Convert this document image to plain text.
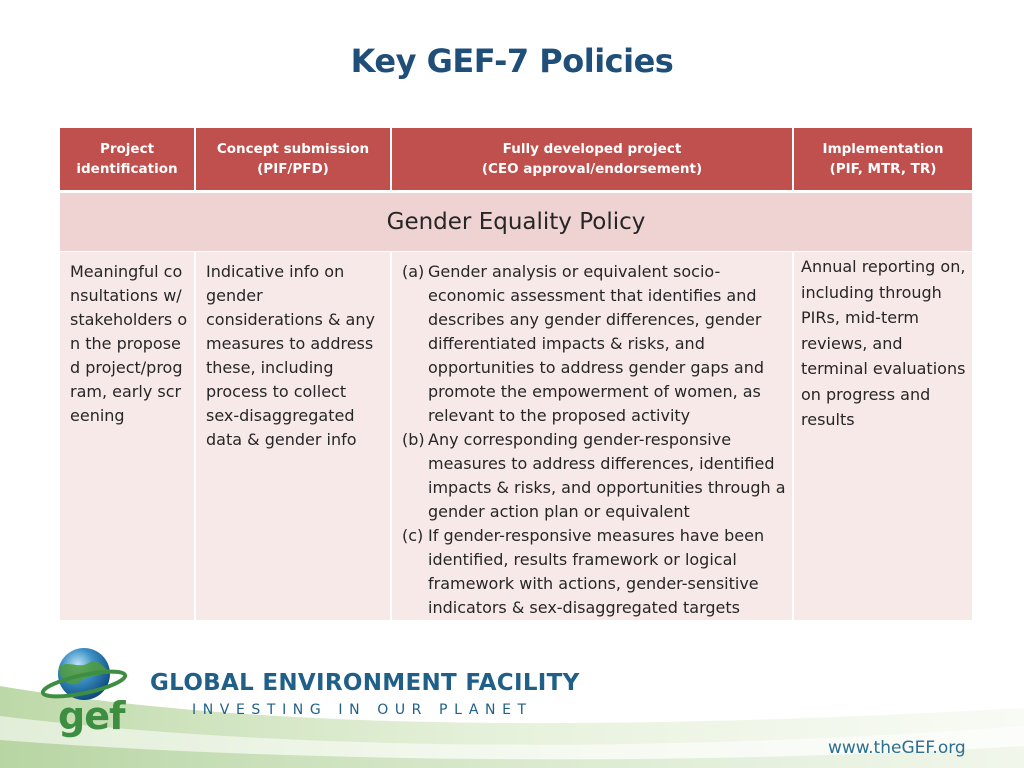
Key GEF-7 Policies
Project
identification
Concept submission
(PIF/PFD)
Fully developed project
(CEO approval/endorsement)
Implementation
(PIF, MTR, TR)
Gender Equality Policy
Meaningful consultations w/ stakeholders on the proposed project/program, early screening
Indicative info on gender considerations & any measures to address these, including process to collect sex-disaggregated data & gender info
(a) Gender analysis or equivalent socio-economic assessment that identifies and describes any gender differences, gender differentiated impacts & risks, and opportunities to address gender gaps and promote the empowerment of women, as relevant to the proposed activity
(b) Any corresponding gender-responsive measures to address differences, identified impacts & risks, and opportunities through a gender action plan or equivalent
(c) If gender-responsive measures have been identified, results framework or logical framework with actions, gender-sensitive indicators & sex-disaggregated targets
Annual reporting on, including through PIRs, mid-term reviews, and terminal evaluations on progress and results
gef
GLOBAL ENVIRONMENT FACILITY
INVESTING IN OUR PLANET
www.theGEF.org
